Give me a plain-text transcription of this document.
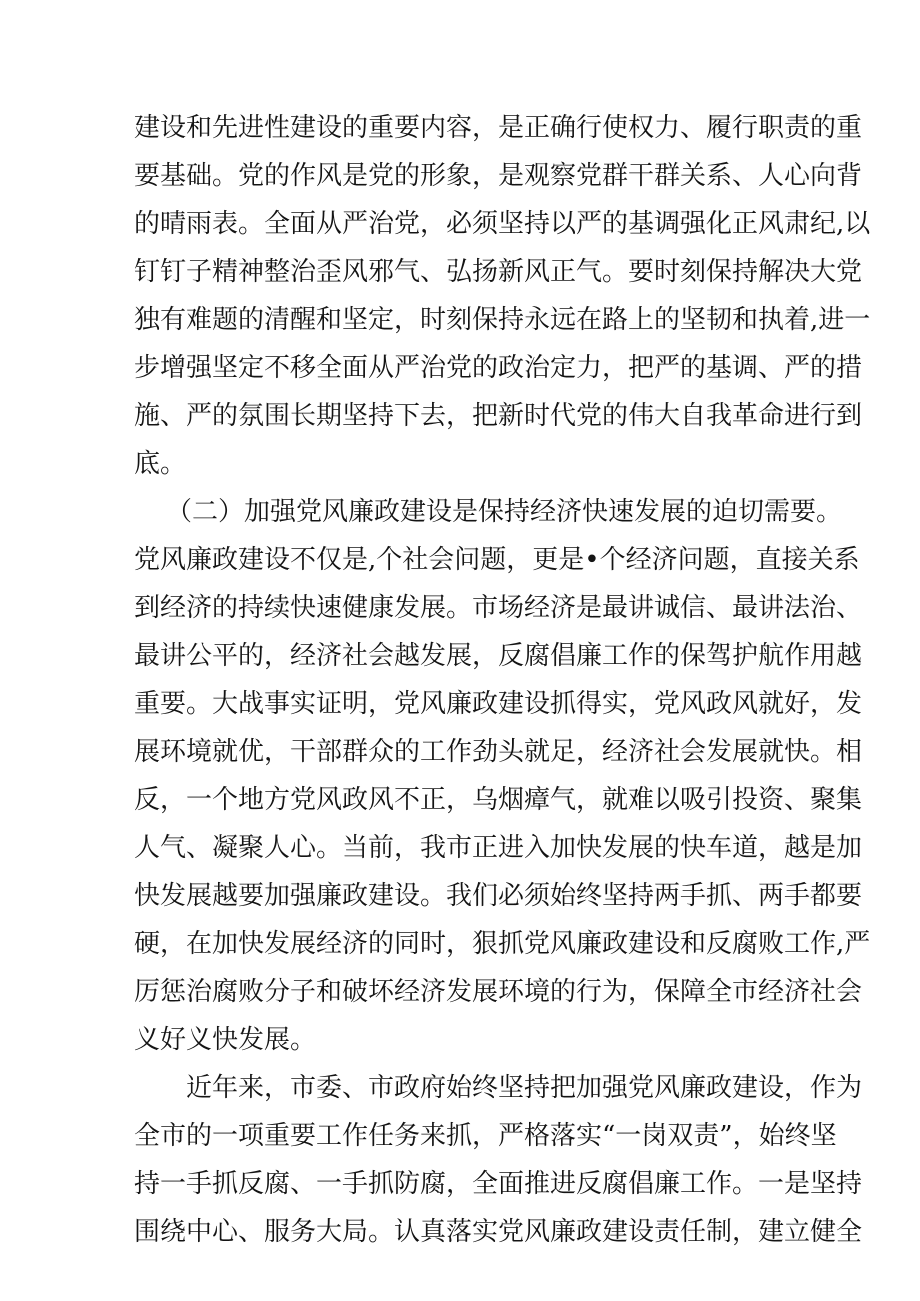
建设和先进性建设的重要内容，是正确行使权力、履行职责的重
要基础。党的作风是党的形象，是观察党群干群关系、人心向背
的晴雨表。全面从严治党，必须坚持以严的基调强化正风肃纪,以
钉钉子精神整治歪风邪气、弘扬新风正气。要时刻保持解决大党
独有难题的清醒和坚定，时刻保持永远在路上的坚韧和执着,进一
步增强坚定不移全面从严治党的政治定力，把严的基调、严的措
施、严的氛围长期坚持下去，把新时代党的伟大自我革命进行到
底。
（二）加强党风廉政建设是保持经济快速发展的迫切需要。
党风廉政建设不仅是,个社会问题，更是•个经济问题，直接关系
到经济的持续快速健康发展。市场经济是最讲诚信、最讲法治、
最讲公平的，经济社会越发展，反腐倡廉工作的保驾护航作用越
重要。大战事实证明，党风廉政建设抓得实，党风政风就好，发
展环境就优，干部群众的工作劲头就足，经济社会发展就快。相
反，一个地方党风政风不正，乌烟瘴气，就难以吸引投资、聚集
人气、凝聚人心。当前，我市正进入加快发展的快车道，越是加
快发展越要加强廉政建设。我们必须始终坚持两手抓、两手都要
硬，在加快发展经济的同时，狠抓党风廉政建设和反腐败工作,严
厉惩治腐败分子和破坏经济发展环境的行为，保障全市经济社会
义好义快发展。
近年来，市委、市政府始终坚持把加强党风廉政建设，作为
全市的一项重要工作任务来抓，严格落实“一岗双责”，始终坚
持一手抓反腐、一手抓防腐，全面推进反腐倡廉工作。一是坚持
围绕中心、服务大局。认真落实党风廉政建设责任制，建立健全
